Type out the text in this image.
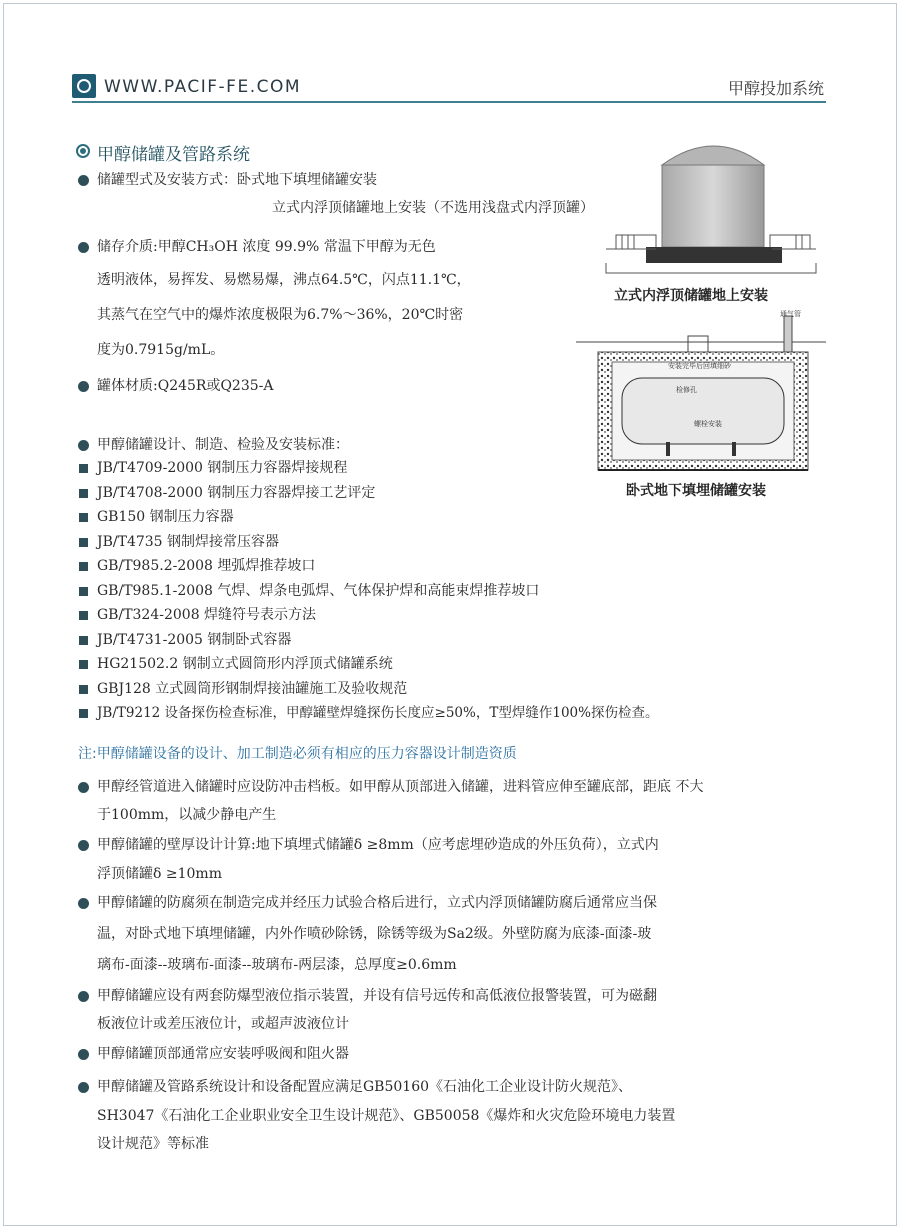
WWW.PACIF-FE.COM	甲醇投加系统
甲醇储罐及管路系统
储罐型式及安装方式：卧式地下填埋储罐安装
立式内浮顶储罐地上安装（不选用浅盘式内浮顶罐）
储存介质:甲醇CH₃OH 浓度 99.9% 常温下甲醇为无色
透明液体，易挥发、易燃易爆，沸点64.5℃，闪点11.1℃，
其蒸气在空气中的爆炸浓度极限为6.7%～36%，20℃时密
度为0.7915g/mL。
罐体材质:Q245R或Q235-A
甲醇储罐设计、制造、检验及安装标准：
JB/T4709-2000 钢制压力容器焊接规程
JB/T4708-2000 钢制压力容器焊接工艺评定
GB150 钢制压力容器
JB/T4735 钢制焊接常压容器
GB/T985.2-2008 埋弧焊推荐坡口
GB/T985.1-2008 气焊、焊条电弧焊、气体保护焊和高能束焊推荐坡口
GB/T324-2008 焊缝符号表示方法
JB/T4731-2005 钢制卧式容器
HG21502.2 钢制立式圆筒形内浮顶式储罐系统
GBJ128 立式圆筒形钢制焊接油罐施工及验收规范
JB/T9212 设备探伤检查标准，甲醇罐壁焊缝探伤长度应≥50%，T型焊缝作100%探伤检查。
注:甲醇储罐设备的设计、加工制造必须有相应的压力容器设计制造资质
甲醇经管道进入储罐时应设防冲击档板。如甲醇从顶部进入储罐，进料管应伸至罐底部，距底 不大
于100mm，以减少静电产生
甲醇储罐的壁厚设计计算:地下填埋式储罐δ ≥8mm（应考虑埋砂造成的外压负荷），立式内
浮顶储罐δ ≥10mm
甲醇储罐的防腐须在制造完成并经压力试验合格后进行，立式内浮顶储罐防腐后通常应当保
温，对卧式地下填埋储罐，内外作喷砂除锈，除锈等级为Sa2级。外壁防腐为底漆-面漆-玻
璃布-面漆--玻璃布-面漆--玻璃布-两层漆，总厚度≥0.6mm
甲醇储罐应设有两套防爆型液位指示装置，并设有信号远传和高低液位报警装置，可为磁翻
板液位计或差压液位计，或超声波液位计
甲醇储罐顶部通常应安装呼吸阀和阻火器
甲醇储罐及管路系统设计和设备配置应满足GB50160《石油化工企业设计防火规范》、
SH3047《石油化工企业职业安全卫生设计规范》、GB50058《爆炸和火灾危险环境电力装置
设计规范》等标准
立式内浮顶储罐地上安装
通气管
安装完毕后回填细砂
检修孔
螺栓安装
卧式地下填埋储罐安装
